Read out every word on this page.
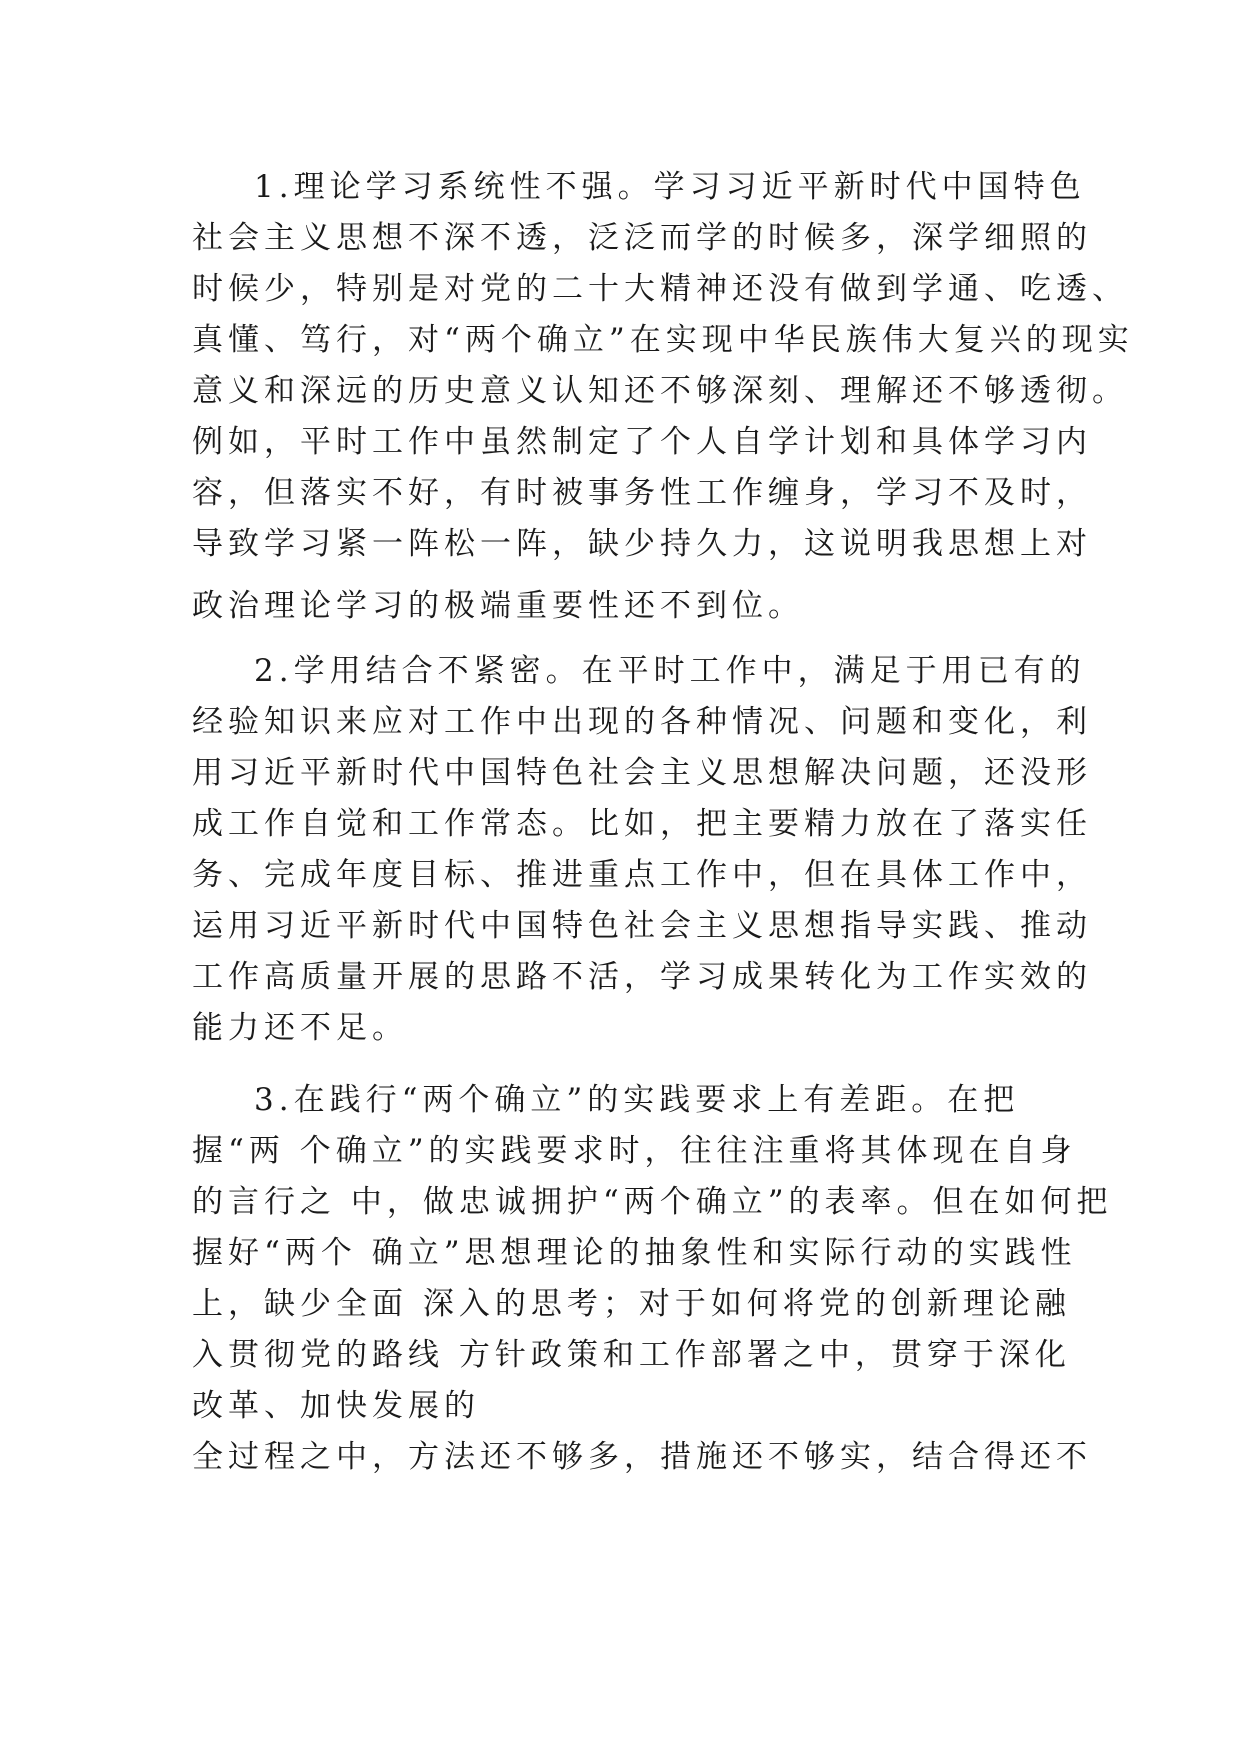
1.理论学习系统性不强。学习习近平新时代中国特色
社会主义思想不深不透，泛泛而学的时候多，深学细照的
时候少，特别是对党的二十大精神还没有做到学通、吃透、
真懂、笃行，对“两个确立”在实现中华民族伟大复兴的现实
意义和深远的历史意义认知还不够深刻、理解还不够透彻。
例如，平时工作中虽然制定了个人自学计划和具体学习内
容，但落实不好，有时被事务性工作缠身，学习不及时，
导致学习紧一阵松一阵，缺少持久力，这说明我思想上对
政治理论学习的极端重要性还不到位。
2.学用结合不紧密。在平时工作中，满足于用已有的
经验知识来应对工作中出现的各种情况、问题和变化，利
用习近平新时代中国特色社会主义思想解决问题，还没形
成工作自觉和工作常态。比如，把主要精力放在了落实任
务、完成年度目标、推进重点工作中，但在具体工作中，
运用习近平新时代中国特色社会主义思想指导实践、推动
工作高质量开展的思路不活，学习成果转化为工作实效的
能力还不足。
3.在践行“两个确立”的实践要求上有差距。在把
握“两 个确立”的实践要求时，往往注重将其体现在自身
的言行之 中，做忠诚拥护“两个确立”的表率。但在如何把
握好“两个 确立”思想理论的抽象性和实际行动的实践性
上，缺少全面 深入的思考；对于如何将党的创新理论融
入贯彻党的路线 方针政策和工作部署之中，贯穿于深化
改革、加快发展的
全过程之中，方法还不够多，措施还不够实，结合得还不
